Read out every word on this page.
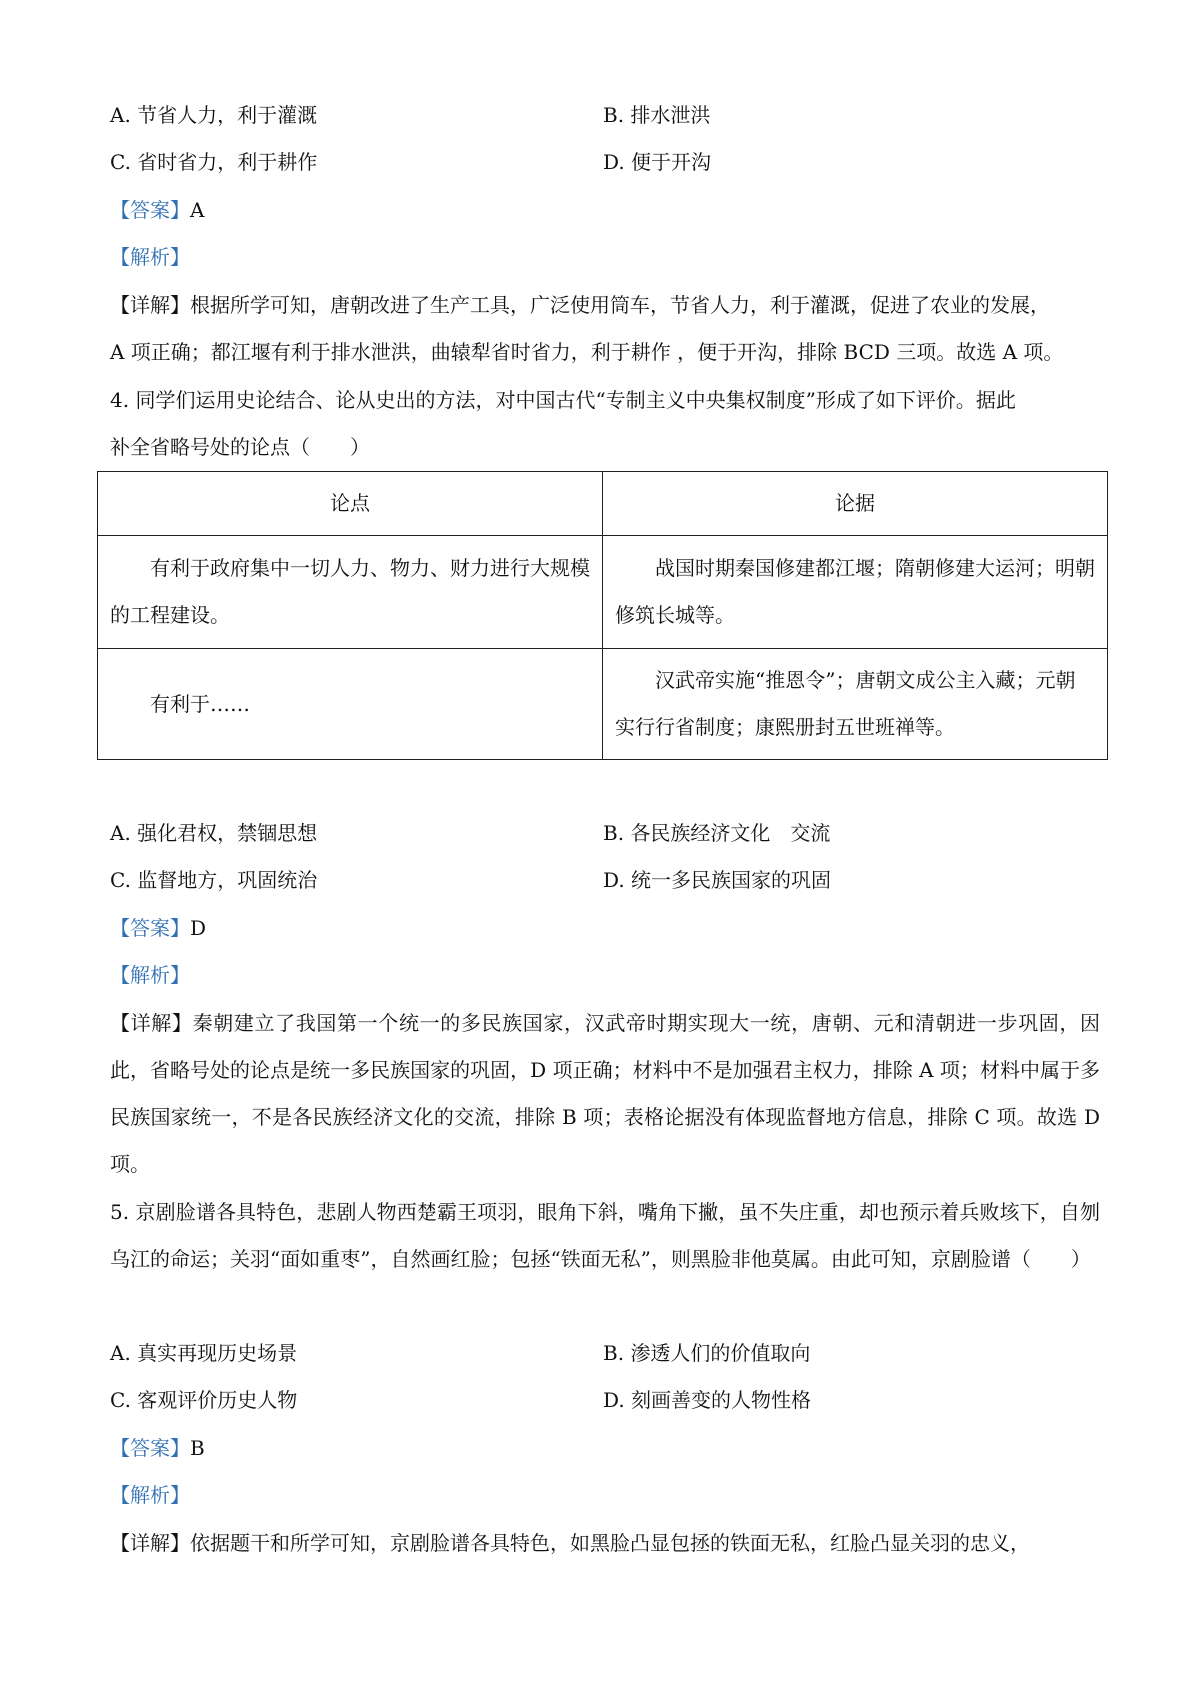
A. 节省人力，利于灌溉	B. 排水泄洪
C. 省时省力，利于耕作	D. 便于开沟
【答案】A
【解析】
【详解】根据所学可知，唐朝改进了生产工具，广泛使用筒车，节省人力，利于灌溉，促进了农业的发展，
A 项正确；都江堰有利于排水泄洪，曲辕犁省时省力，利于耕作 ，便于开沟，排除 BCD 三项。故选 A 项。
4. 同学们运用史论结合、论从史出的方法，对中国古代“专制主义中央集权制度”形成了如下评价。据此
补全省略号处的论点（　　）
论点	论据
有利于政府集中一切人力、物力、财力进行大规模的工程建设。	战国时期秦国修建都江堰；隋朝修建大运河；明朝修筑长城等。
有利于……	汉武帝实施“推恩令”；唐朝文成公主入藏；元朝实行行省制度；康熙册封五世班禅等。
A. 强化君权，禁锢思想	B. 各民族经济文化　交流
C. 监督地方，巩固统治	D. 统一多民族国家的巩固
【答案】D
【解析】
【详解】秦朝建立了我国第一个统一的多民族国家，汉武帝时期实现大一统，唐朝、元和清朝进一步巩固，因此，省略号处的论点是统一多民族国家的巩固，D 项正确；材料中不是加强君主权力，排除 A 项；材料中属于多民族国家统一，不是各民族经济文化的交流，排除 B 项；表格论据没有体现监督地方信息，排除 C 项。故选 D 项。
5. 京剧脸谱各具特色，悲剧人物西楚霸王项羽，眼角下斜，嘴角下撇，虽不失庄重，却也预示着兵败垓下，自刎乌江的命运；关羽“面如重枣”，自然画红脸；包拯“铁面无私”，则黑脸非他莫属。由此可知，京剧脸谱（　　）
A. 真实再现历史场景	B. 渗透人们的价值取向
C. 客观评价历史人物	D. 刻画善变的人物性格
【答案】B
【解析】
【详解】依据题干和所学可知，京剧脸谱各具特色，如黑脸凸显包拯的铁面无私，红脸凸显关羽的忠义，
